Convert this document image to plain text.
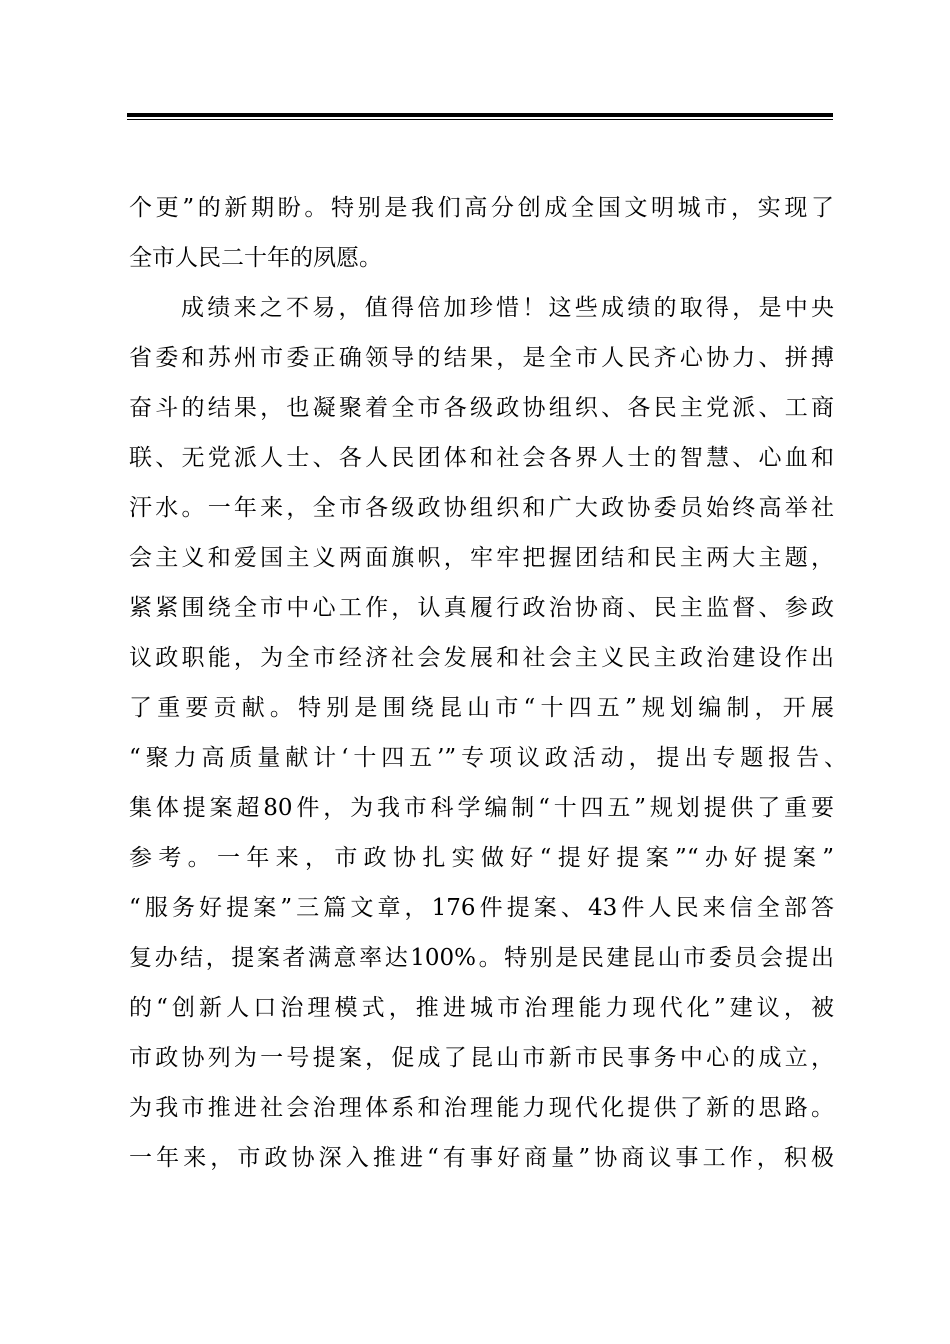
个更”的新期盼。特别是我们高分创成全国文明城市，实现了
全市人民二十年的夙愿。
成绩来之不易，值得倍加珍惜！这些成绩的取得，是中央
省委和苏州市委正确领导的结果，是全市人民齐心协力、拼搏
奋斗的结果，也凝聚着全市各级政协组织、各民主党派、工商
联、无党派人士、各人民团体和社会各界人士的智慧、心血和
汗水。一年来，全市各级政协组织和广大政协委员始终高举社
会主义和爱国主义两面旗帜，牢牢把握团结和民主两大主题，
紧紧围绕全市中心工作，认真履行政治协商、民主监督、参政
议政职能，为全市经济社会发展和社会主义民主政治建设作出
了重要贡献。特别是围绕昆山市“十四五”规划编制，开展
“聚力高质量献计‘十四五’”专项议政活动，提出专题报告、
集体提案超80件，为我市科学编制“十四五”规划提供了重要
参考。一年来，市政协扎实做好“提好提案”“办好提案”
“服务好提案”三篇文章，176件提案、43件人民来信全部答
复办结，提案者满意率达100%。特别是民建昆山市委员会提出
的“创新人口治理模式，推进城市治理能力现代化”建议，被
市政协列为一号提案，促成了昆山市新市民事务中心的成立，
为我市推进社会治理体系和治理能力现代化提供了新的思路。
一年来，市政协深入推进“有事好商量”协商议事工作，积极
